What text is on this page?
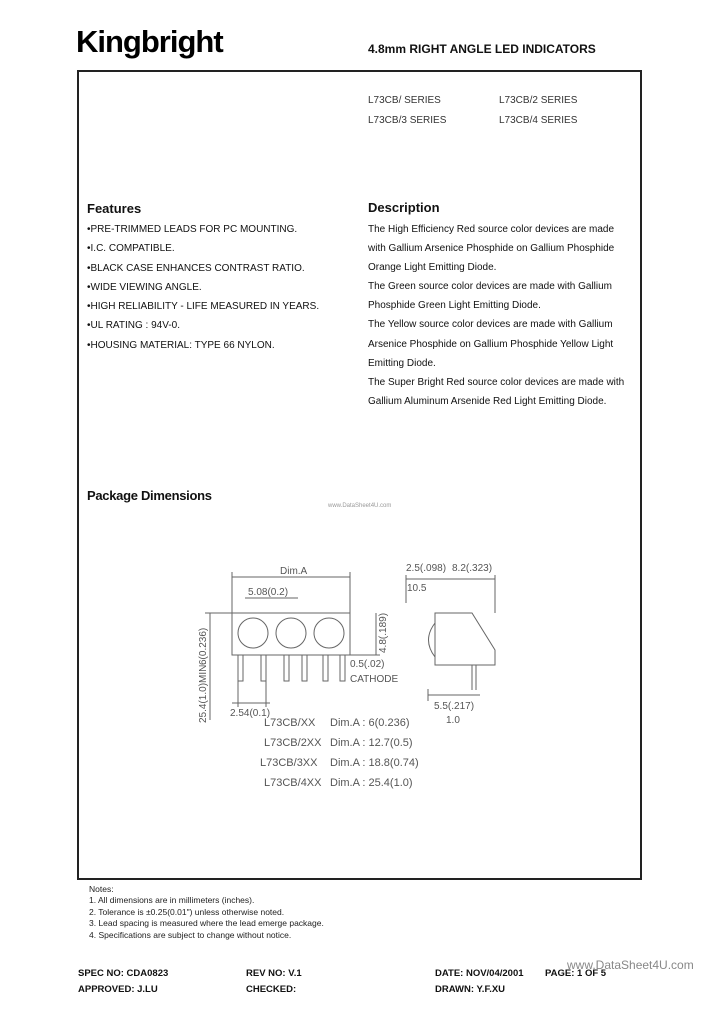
Kingbright	4.8mm RIGHT ANGLE LED INDICATORS
L73CB/ SERIES	L73CB/2 SERIES
L73CB/3 SERIES	L73CB/4 SERIES
Features
•PRE-TRIMMED LEADS FOR PC MOUNTING.
•I.C. COMPATIBLE.
•BLACK CASE ENHANCES CONTRAST RATIO.
•WIDE VIEWING ANGLE.
•HIGH RELIABILITY - LIFE MEASURED IN YEARS.
•UL RATING : 94V-0.
•HOUSING MATERIAL: TYPE 66 NYLON.
Description
The High Efficiency Red source color devices are made
with Gallium Arsenice Phosphide on Gallium Phosphide
Orange Light Emitting Diode.
The Green source color devices are made with Gallium
Phosphide Green Light Emitting Diode.
The Yellow source color devices are made with Gallium
Arsenice Phosphide on Gallium Phosphide Yellow Light
Emitting Diode.
The Super Bright Red source color devices are made with
Gallium Aluminum Arsenide Red Light Emitting Diode.
Package Dimensions
www.DataSheet4U.com
Dim.A
5.08(0.2)
6(0.236)
25.4(1.0)MIN.
4.8(.189)
0.5(.02)
CATHODE
2.54(0.1)
2.5(.098) 8.2(.323)
10.5
5.5(.217)
1.0
L73CB/XX Dim.A : 6(0.236)
L73CB/2XX Dim.A : 12.7(0.5)
L73CB/3XX Dim.A : 18.8(0.74)
L73CB/4XX Dim.A : 25.4(1.0)
Notes:
1. All dimensions are in millimeters (inches).
2. Tolerance is ±0.25(0.01") unless otherwise noted.
3. Lead spacing is measured where the lead emerge package.
4. Specifications are subject to change without notice.
www.DataSheet4U.com
SPEC NO: CDA0823	REV NO: V.1	DATE: NOV/04/2001 PAGE: 1 OF 5
APPROVED: J.LU	CHECKED:	DRAWN: Y.F.XU
